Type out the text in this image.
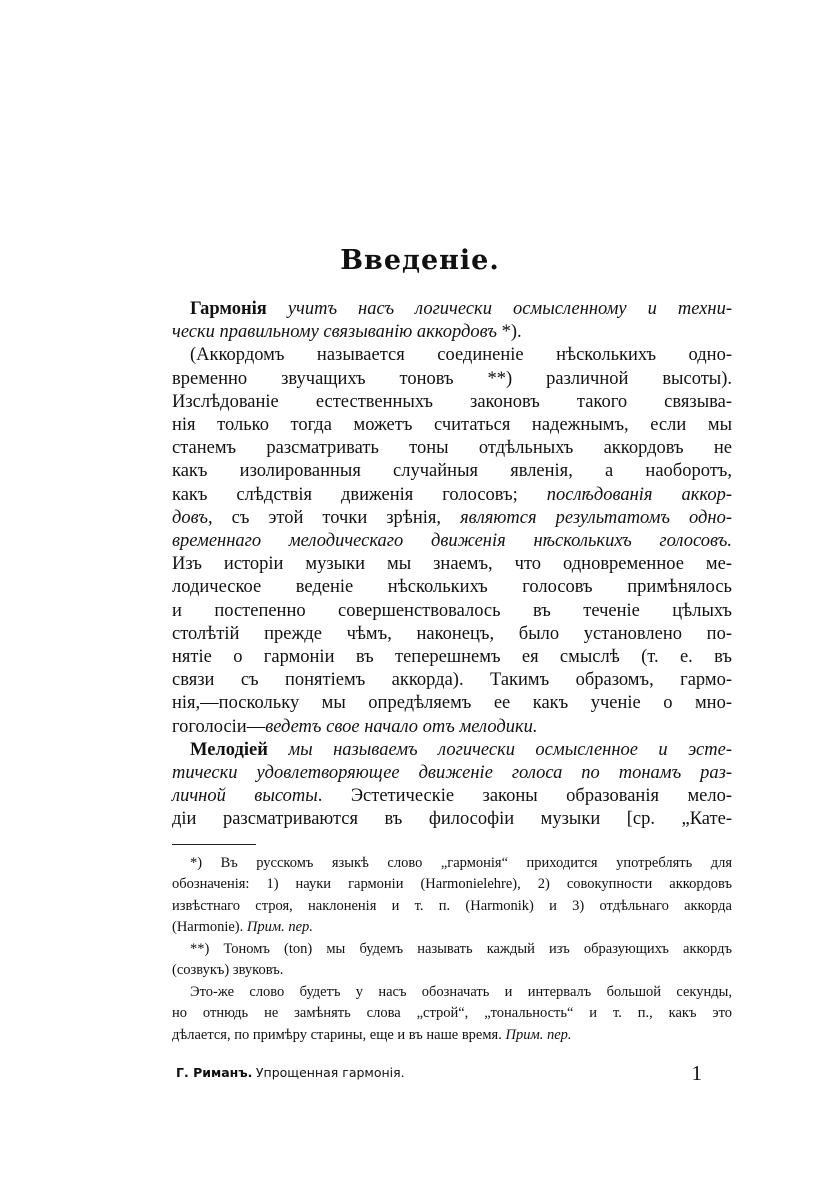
Введеніе.
Гармонія учитъ насъ логически осмысленному и техни-
чески правильному связыванію аккордовъ *).
(Аккордомъ называется соединеніе нѣсколькихъ одно-
временно звучащихъ тоновъ **) различной высоты).
Изслѣдованіе естественныхъ законовъ такого связыва-
нія только тогда можетъ считаться надежнымъ, если мы
станемъ разсматривать тоны отдѣльныхъ аккордовъ не
какъ изолированныя случайныя явленія, а наоборотъ,
какъ слѣдствія движенія голосовъ; послѣдованія аккор-
довъ, съ этой точки зрѣнія, являются результатомъ одно-
временнаго мелодическаго движенія нѣсколькихъ голосовъ.
Изъ исторіи музыки мы знаемъ, что одновременное ме-
лодическое веденіе нѣсколькихъ голосовъ примѣнялось
и постепенно совершенствовалось въ теченіе цѣлыхъ
столѣтій прежде чѣмъ, наконецъ, было установлено по-
нятіе о гармоніи въ теперешнемъ ея смыслѣ (т. е. въ
связи съ понятіемъ аккорда). Такимъ образомъ, гармо-
нія,—поскольку мы опредѣляемъ ее какъ ученіе о мно-
гоголосіи—ведетъ свое начало отъ мелодики.
Мелодіей мы называемъ логически осмысленное и эсте-
тически удовлетворяющее движеніе голоса по тонамъ раз-
личной высоты. Эстетическіе законы образованія мело-
діи разсматриваются въ философіи музыки [ср. „Кате-
*) Въ русскомъ языкѣ слово „гармонія“ приходится употреблять для
обозначенія: 1) науки гармоніи (Harmonielehre), 2) совокупности аккордовъ
извѣстнаго строя, наклоненія и т. п. (Harmonik) и 3) отдѣльнаго аккорда
(Harmonie). Прим. пер.
**) Тономъ (ton) мы будемъ называть каждый изъ образующихъ аккордъ
(созвукъ) звуковъ.
Это-же слово будетъ у насъ обозначать и интервалъ большой секунды,
но отнюдь не замѣнять слова „строй“, „тональность“ и т. п., какъ это
дѣлается, по примѣру старины, еще и въ наше время. Прим. пер.
Г. Риманъ. Упрощенная гармонія.	1
